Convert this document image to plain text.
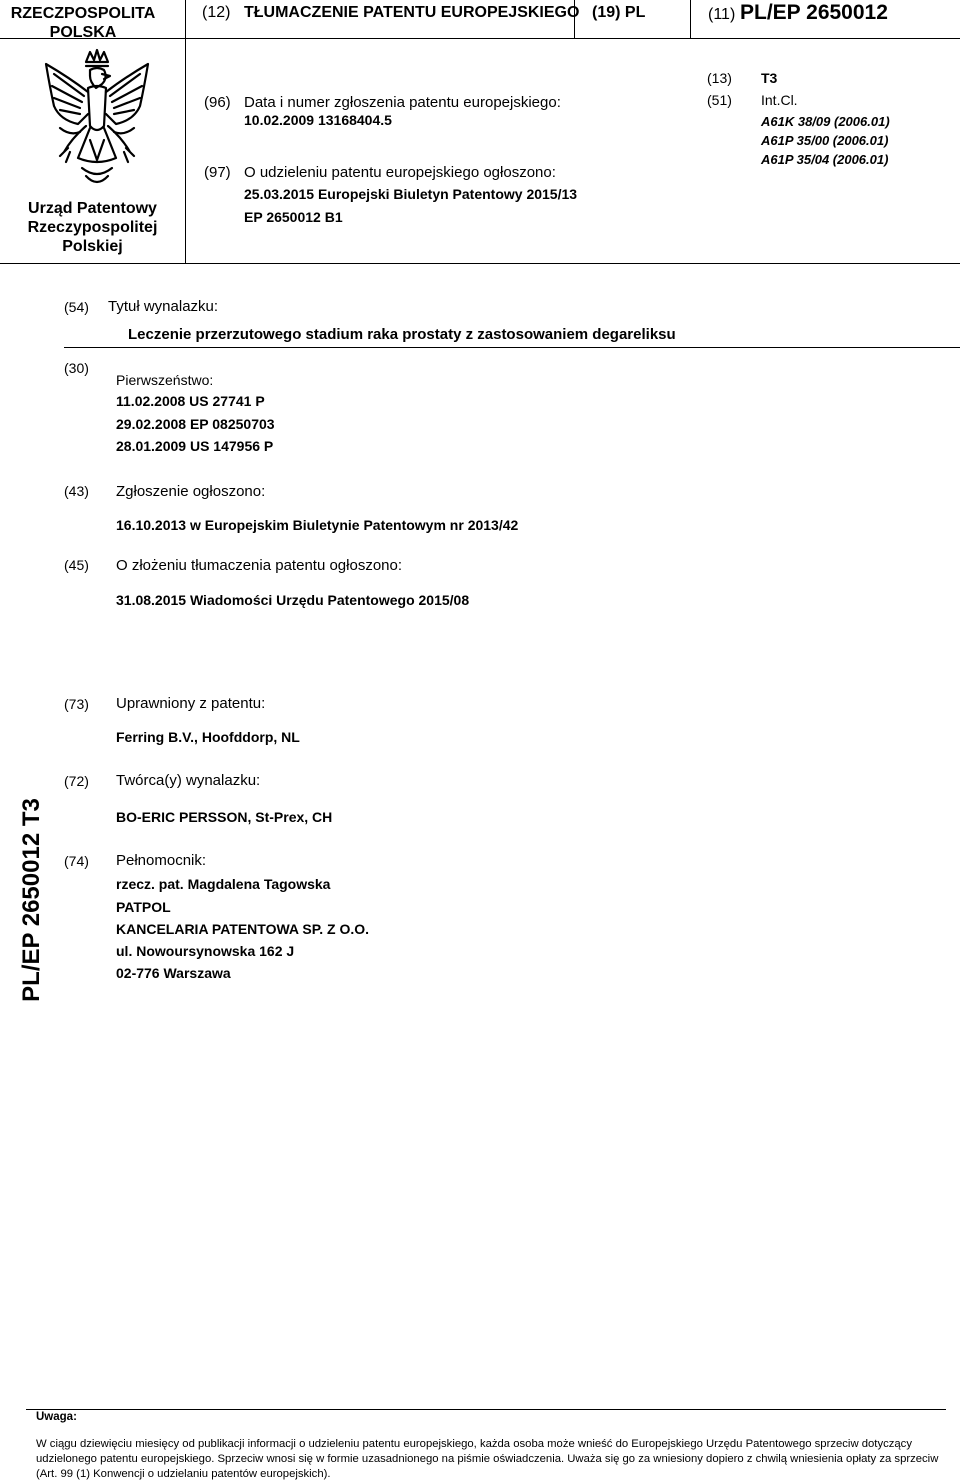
RZECZPOSPOLITA
POLSKA
(12) TŁUMACZENIE PATENTU EUROPEJSKIEGO (19) PL	(11) PL/EP 2650012
Urząd Patentowy
Rzeczypospolitej
Polskiej
(96) Data i numer zgłoszenia patentu europejskiego:
10.02.2009 13168404.5
(97) O udzieleniu patentu europejskiego ogłoszono:
25.03.2015 Europejski Biuletyn Patentowy 2015/13
EP 2650012 B1
(13) T3
(51) Int.Cl.
A61K 38/09 (2006.01)
A61P 35/00 (2006.01)
A61P 35/04 (2006.01)
(54) Tytuł wynalazku:
Leczenie przerzutowego stadium raka prostaty z zastosowaniem degareliksu
(30)
Pierwszeństwo:
11.02.2008 US 27741 P
29.02.2008 EP 08250703
28.01.2009 US 147956 P
(43) Zgłoszenie ogłoszono:
16.10.2013 w Europejskim Biuletynie Patentowym nr 2013/42
(45) O złożeniu tłumaczenia patentu ogłoszono:
31.08.2015 Wiadomości Urzędu Patentowego 2015/08
(73) Uprawniony z patentu:
Ferring B.V., Hoofddorp, NL
(72) Twórca(y) wynalazku:
BO-ERIC PERSSON, St-Prex, CH
(74) Pełnomocnik:
rzecz. pat. Magdalena Tagowska
PATPOL
KANCELARIA PATENTOWA SP. Z O.O.
ul. Nowoursynowska 162 J
02-776 Warszawa
PL/EP 2650012 T3
Uwaga:
W ciągu dziewięciu miesięcy od publikacji informacji o udzieleniu patentu europejskiego, każda osoba może wnieść do Europejskiego Urzędu Patentowego sprzeciw dotyczący udzielonego patentu europejskiego. Sprzeciw wnosi się w formie uzasadnionego na piśmie oświadczenia. Uważa się go za wniesiony dopiero z chwilą wniesienia opłaty za sprzeciw (Art. 99 (1) Konwencji o udzielaniu patentów europejskich).
